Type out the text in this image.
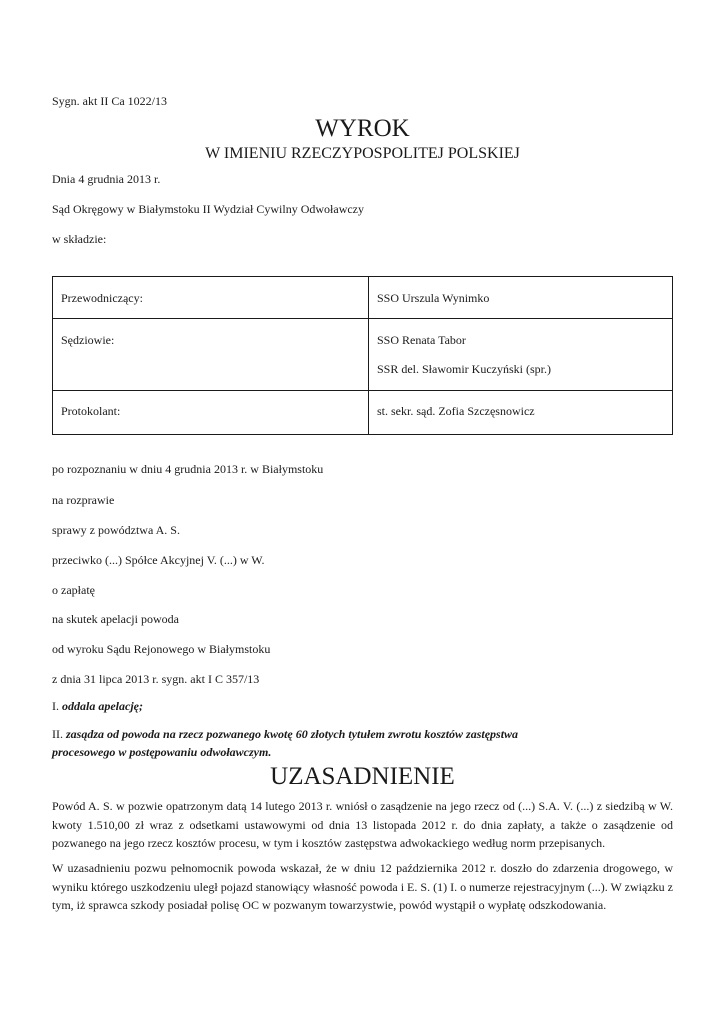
Sygn. akt II Ca 1022/13
WYROK
W IMIENIU RZECZYPOSPOLITEJ POLSKIEJ
Dnia 4 grudnia 2013 r.
Sąd Okręgowy w Białymstoku II Wydział Cywilny Odwoławczy
w składzie:
Przewodniczący:	SSO Urszula Wynimko

Sędziowie:	SSO Renata Tabor
SSR del. Sławomir Kuczyński (spr.)

Protokolant:	st. sekr. sąd. Zofia Szczęsnowicz
po rozpoznaniu w dniu 4 grudnia 2013 r. w Białymstoku
na rozprawie
sprawy z powództwa A. S.
przeciwko (...) Spółce Akcyjnej V. (...) w W.
o zapłatę
na skutek apelacji powoda
od wyroku Sądu Rejonowego w Białymstoku
z dnia 31 lipca 2013 r. sygn. akt I C 357/13
I. oddala apelację;
II. zasądza od powoda na rzecz pozwanego kwotę 60 złotych tytułem zwrotu kosztów zastępstwa
procesowego w postępowaniu odwoławczym.
UZASADNIENIE
Powód A. S. w pozwie opatrzonym datą 14 lutego 2013 r. wniósł o zasądzenie na jego rzecz od (...) S.A. V. (...) z siedzibą w W. kwoty 1.510,00 zł wraz z odsetkami ustawowymi od dnia 13 listopada 2012 r. do dnia zapłaty, a także o zasądzenie od pozwanego na jego rzecz kosztów procesu, w tym i kosztów zastępstwa adwokackiego według norm przepisanych.
W uzasadnieniu pozwu pełnomocnik powoda wskazał, że w dniu 12 października 2012 r. doszło do zdarzenia drogowego, w wyniku którego uszkodzeniu uległ pojazd stanowiący własność powoda i E. S. (1) I. o numerze rejestracyjnym (...). W związku z tym, iż sprawca szkody posiadał polisę OC w pozwanym towarzystwie, powód wystąpił o wypłatę odszkodowania.
